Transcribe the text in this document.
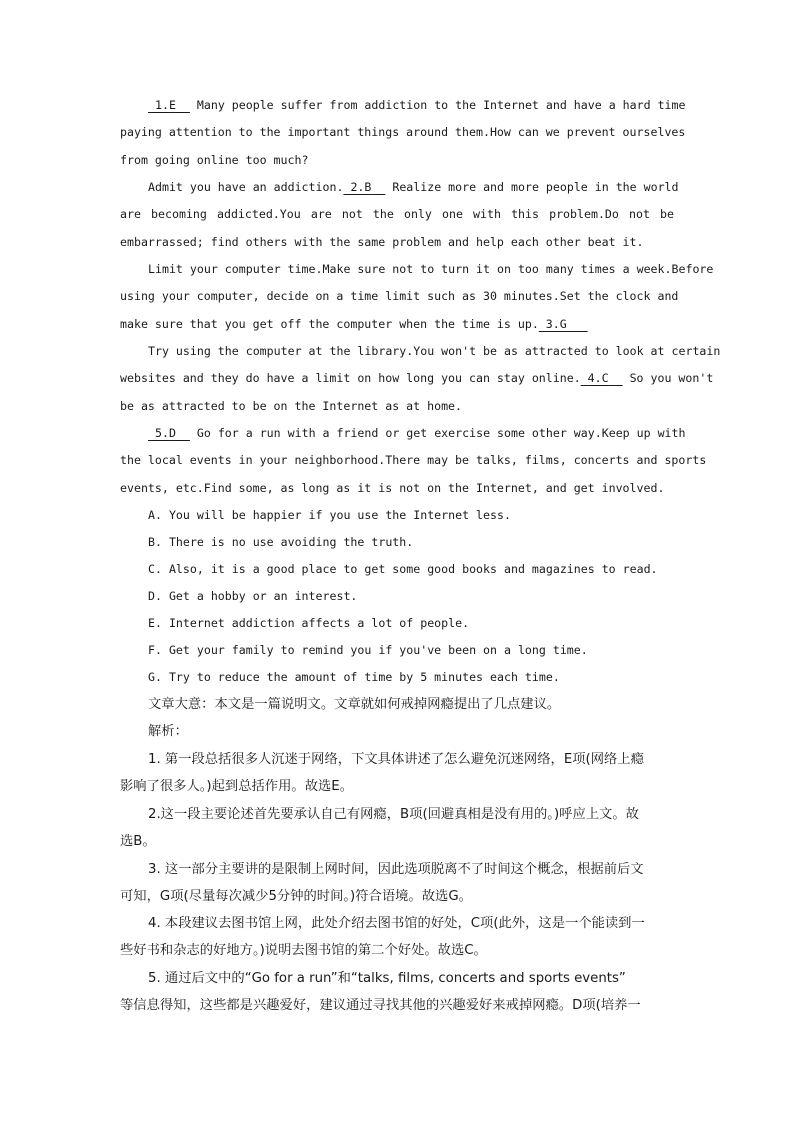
1.E   Many people suffer from addiction to the Internet and have a hard time
paying attention to the important things around them.How can we prevent ourselves
from going online too much?
Admit you have an addiction. 2.B   Realize more and more people in the world
are becoming addicted.You are not the only one with this problem.Do not be
embarrassed; find others with the same problem and help each other beat it.
Limit your computer time.Make sure not to turn it on too many times a week.Before
using your computer, decide on a time limit such as 30 minutes.Set the clock and
make sure that you get off the computer when the time is up. 3.G
Try using the computer at the library.You won't be as attracted to look at certain
websites and they do have a limit on how long you can stay online. 4.C   So you won't
be as attracted to be on the Internet as at home.
5.D   Go for a run with a friend or get exercise some other way.Keep up with
the local events in your neighborhood.There may be talks, films, concerts and sports
events, etc.Find some, as long as it is not on the Internet, and get involved.

A. You will be happier if you use the Internet less.

B. There is no use avoiding the truth.

C. Also, it is a good place to get some good books and magazines to read.

D. Get a hobby or an interest.

E. Internet addiction affects a lot of people.

F. Get your family to remind you if you've been on a long time.

G. Try to reduce the amount of time by 5 minutes each time.

文章大意：本文是一篇说明文。文章就如何戒掉网瘾提出了几点建议。

解析：

1. 第一段总括很多人沉迷于网络，下文具体讲述了怎么避免沉迷网络，E项(网络上瘾

影响了很多人。)起到总括作用。故选E。

2.这一段主要论述首先要承认自己有网瘾，B项(回避真相是没有用的。)呼应上文。故

选B。

3. 这一部分主要讲的是限制上网时间，因此选项脱离不了时间这个概念，根据前后文

可知，G项(尽量每次减少5分钟的时间。)符合语境。故选G。

4. 本段建议去图书馆上网，此处介绍去图书馆的好处，C项(此外，这是一个能读到一

些好书和杂志的好地方。)说明去图书馆的第二个好处。故选C。

5. 通过后文中的“Go for a run”和“talks, films, concerts and sports events”

等信息得知，这些都是兴趣爱好，建议通过寻找其他的兴趣爱好来戒掉网瘾。D项(培养一
